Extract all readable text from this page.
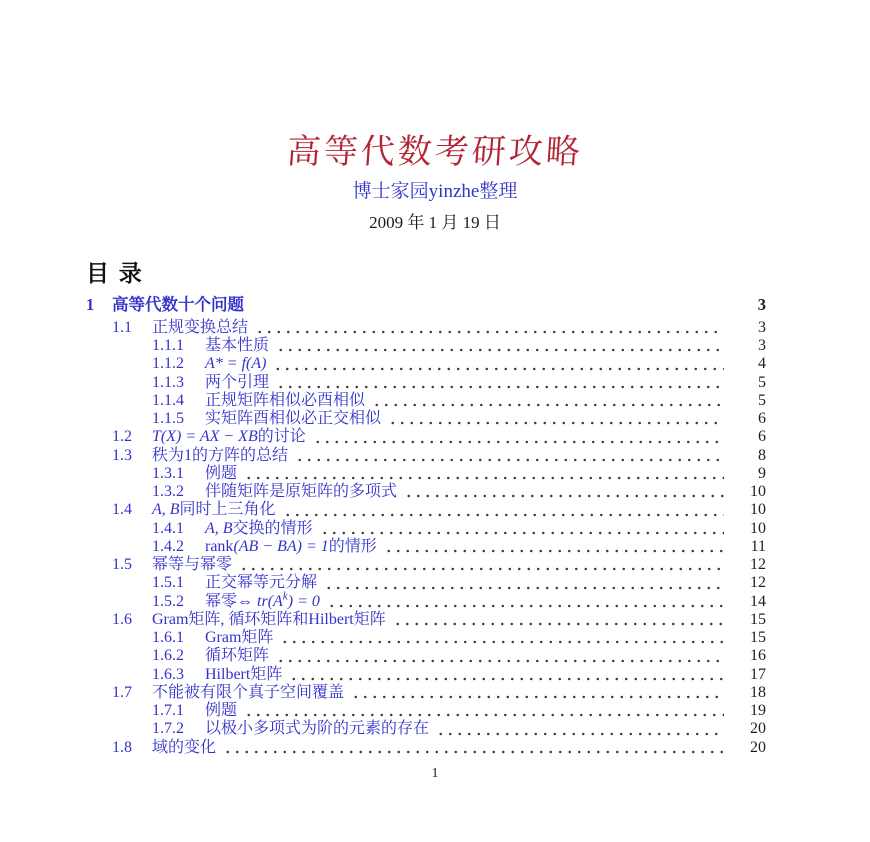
高等代数考研攻略
博士家园yinzhe整理
2009 年 1 月 19 日
目 录
1	高等代数十个问题	3
1.1	正规变换总结	3
1.1.1	基本性质	3
1.1.2	A* = f(A)	4
1.1.3	两个引理	5
1.1.4	正规矩阵相似必酉相似	5
1.1.5	实矩阵酉相似必正交相似	6
1.2	T(X) = AX − XB的讨论	6
1.3	秩为1的方阵的总结	8
1.3.1	例题	9
1.3.2	伴随矩阵是原矩阵的多项式	10
1.4	A, B同时上三角化	10
1.4.1	A, B交换的情形	10
1.4.2	rank(AB − BA) = 1的情形	11
1.5	幂等与幂零	12
1.5.1	正交幂等元分解	12
1.5.2	幂零⇔ $tr(A^k) = 0$	14
1.6	Gram矩阵, 循环矩阵和Hilbert矩阵	15
1.6.1	Gram矩阵	15
1.6.2	循环矩阵	16
1.6.3	Hilbert矩阵	17
1.7	不能被有限个真子空间覆盖	18
1.7.1	例题	19
1.7.2	以极小多项式为阶的元素的存在	20
1.8	域的变化	20
1
